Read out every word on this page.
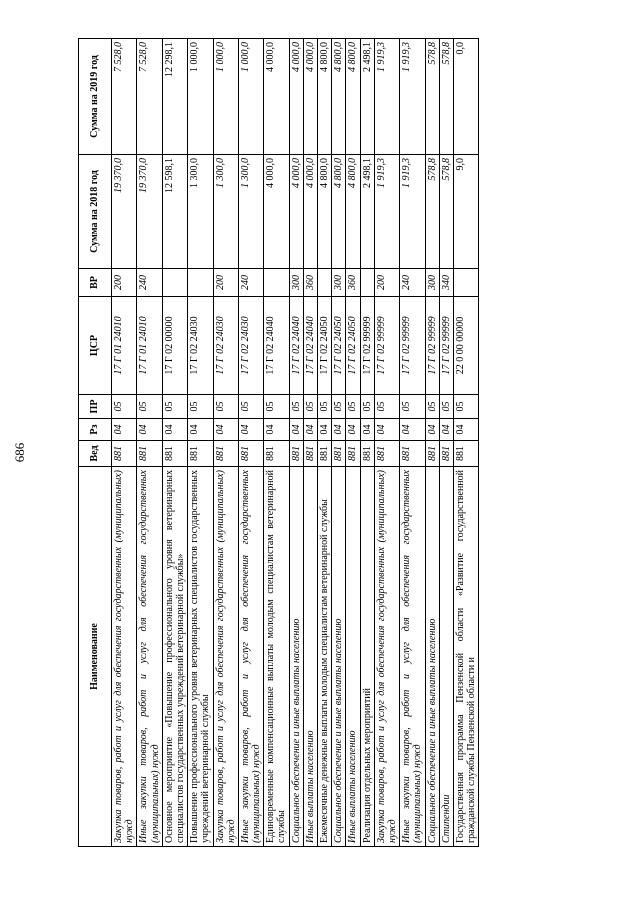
686
Наименование	Вед	Рз	ПР	ЦСР	ВР	Сумма на 2018 год	Сумма на 2019 год
Закупка товаров, работ и услуг для обеспечения государственных (муниципальных) нужд	881	04	05	17 Г 01 24010	200	19 370,0	7 528,0
Иные закупки товаров, работ и услуг для обеспечения государственных (муниципальных) нужд	881	04	05	17 Г 01 24010	240	19 370,0	7 528,0
Основное мероприятие «Повышение профессионального уровня ветеринарных специалистов государственных учреждений ветеринарной службы»	881	04	05	17 Г 02 00000		12 598,1	12 298,1
Повышение профессионального уровня ветеринарных специалистов государственных учреждений ветеринарной службы	881	04	05	17 Г 02 24030		1 300,0	1 000,0
Закупка товаров, работ и услуг для обеспечения государственных (муниципальных) нужд	881	04	05	17 Г 02 24030	200	1 300,0	1 000,0
Иные закупки товаров, работ и услуг для обеспечения государственных (муниципальных) нужд	881	04	05	17 Г 02 24030	240	1 300,0	1 000,0
Единовременные компенсационные выплаты молодым специалистам ветеринарной службы	881	04	05	17 Г 02 24040		4 000,0	4 000,0
Социальное обеспечение и иные выплаты населению	881	04	05	17 Г 02 24040	300	4 000,0	4 000,0
Иные выплаты населению	881	04	05	17 Г 02 24040	360	4 000,0	4 000,0
Ежемесячные денежные выплаты молодым специалистам ветеринарной службы	881	04	05	17 Г 02 24050		4 800,0	4 800,0
Социальное обеспечение и иные выплаты населению	881	04	05	17 Г 02 24050	300	4 800,0	4 800,0
Иные выплаты населению	881	04	05	17 Г 02 24050	360	4 800,0	4 800,0
Реализация отдельных мероприятий	881	04	05	17 Г 02 99999		2 498,1	2 498,1
Закупка товаров, работ и услуг для обеспечения государственных (муниципальных) нужд	881	04	05	17 Г 02 99999	200	1 919,3	1 919,3
Иные закупки товаров, работ и услуг для обеспечения государственных (муниципальных) нужд	881	04	05	17 Г 02 99999	240	1 919,3	1 919,3
Социальное обеспечение и иные выплаты населению	881	04	05	17 Г 02 99999	300	578,8	578,8
Стипендии	881	04	05	17 Г 02 99999	340	578,8	578,8
Государственная программа Пензенской области «Развитие государственной гражданской службы Пензенской области и	881	04	05	22 0 00 00000		9,0	0,0
